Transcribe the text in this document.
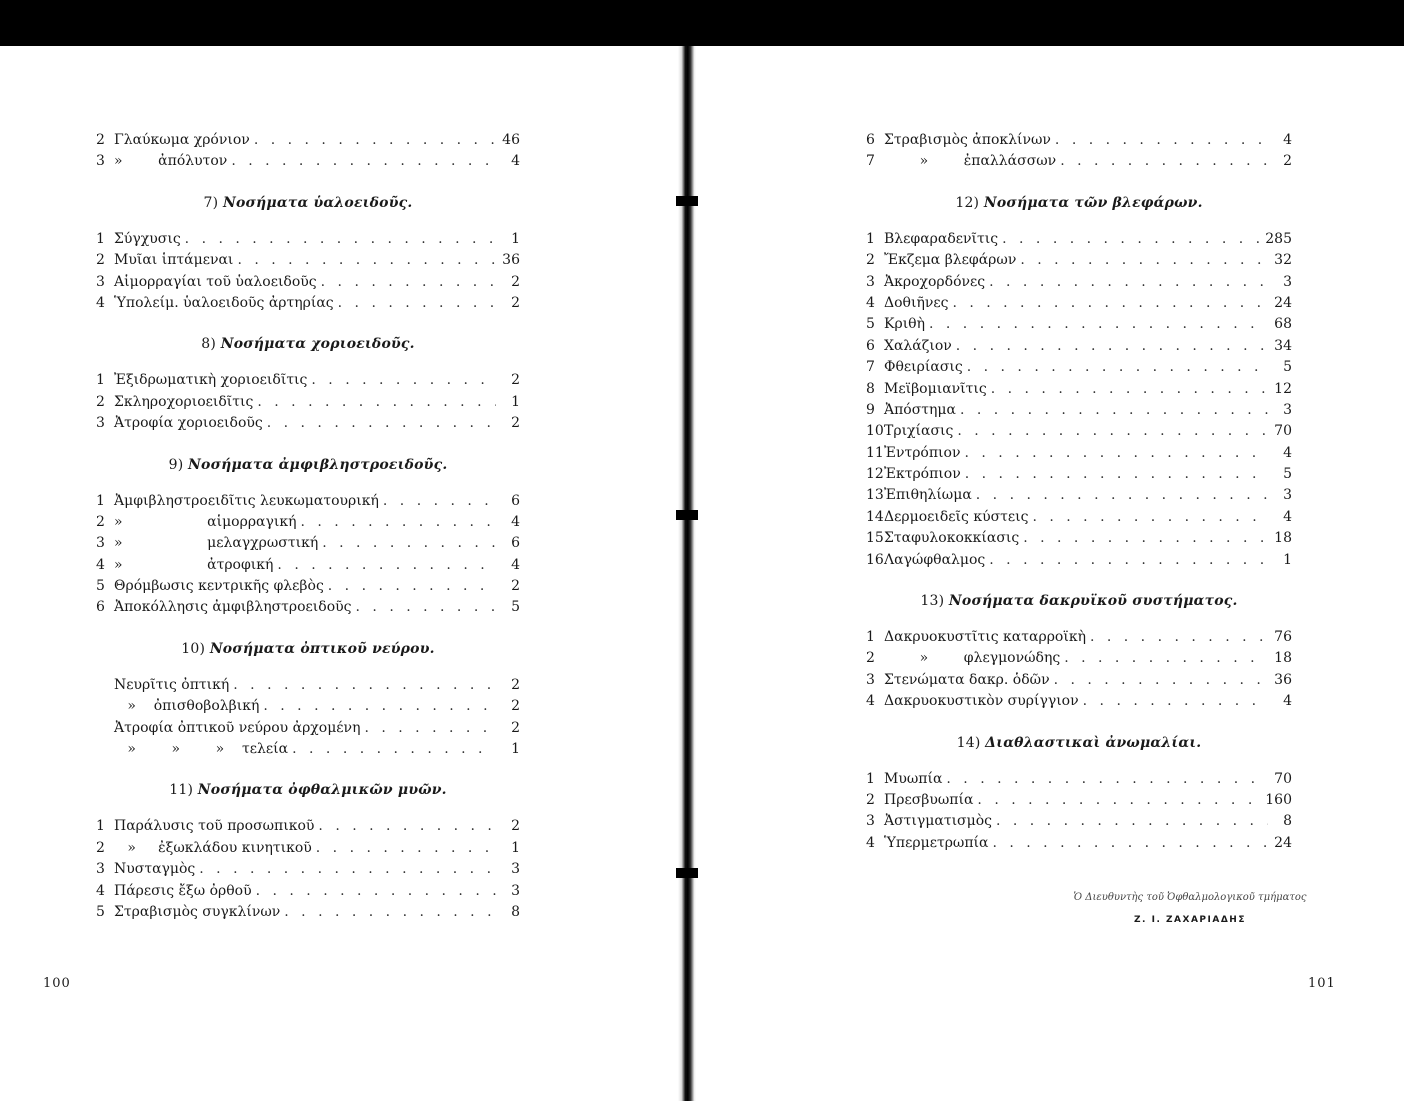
2 Γλαύκωμα χρόνιον . . .	46
3 »        ἀπόλυτον . . .	4
7) Νοσήματα ὑαλοειδοῦς.
1 Σύγχυσις . . .	1
2 Μυῖαι ἱπτάμεναι . . .	36
3 Αἱμορραγίαι τοῦ ὑαλοειδοῦς . . .	2
4 Ὑπολείμ. ὑαλοειδοῦς ἀρτηρίας . . .	2
8) Νοσήματα χοριοειδοῦς.
1 Ἐξιδρωματικὴ χοριοειδῖτις . . .	2
2 Σκληροχοριοειδῖτις . . .	1
3 Ἀτροφία χοριοειδοῦς . . .	2
9) Νοσήματα ἀμφιβληστροειδοῦς.
1 Ἀμφιβληστροειδῖτις λευκωματουρική . . .	6
2 »                   αἱμορραγική . . .	4
3 »                   μελαγχρωστική . . .	6
4 »                   ἀτροφική . . .	4
5 Θρόμβωσις κεντρικῆς φλεβὸς . . .	2
6 Ἀποκόλλησις ἀμφιβληστροειδοῦς . . .	5
10) Νοσήματα ὀπτικοῦ νεύρου.
Νευρῖτις ὀπτική . . .	2
»    ὀπισθοβολβική . . .	2
Ἀτροφία ὀπτικοῦ νεύρου ἀρχομένη . . .	2
»        »        »    τελεία . . .	1
11) Νοσήματα ὀφθαλμικῶν μυῶν.
1 Παράλυσις τοῦ προσωπικοῦ . . .	2
2 »     ἐξωκλάδου κινητικοῦ . . .	1
3 Νυσταγμὸς . . .	3
4 Πάρεσις ἔξω ὀρθοῦ . . .	3
5 Στραβισμὸς συγκλίνων . . .	8
6 Στραβισμὸς ἀποκλίνων . . .	4
7 »        ἐπαλλάσσων . . .	2
12) Νοσήματα τῶν βλεφάρων.
1 Βλεφαραδενῖτις . . .	285
2 Ἔκζεμα βλεφάρων . . .	32
3 Ἀκροχορδόνες . . .	3
4 Δοθιῆνες . . .	24
5 Κριθὴ . . .	68
6 Χαλάζιον . . .	34
7 Φθειρίασις . . .	5
8 Μεϊβομιανῖτις . . .	12
9 Ἀπόστημα . . .	3
10 Τριχίασις . . .	70
11 Ἐντρόπιον . . .	4
12 Ἐκτρόπιον . . .	5
13 Ἐπιθηλίωμα . . .	3
14 Δερμοειδεῖς κύστεις . . .	4
15 Σταφυλοκοκκίασις . . .	18
16 Λαγώφθαλμος . . .	1
13) Νοσήματα δακρυϊκοῦ συστήματος.
1 Δακρυοκυστῖτις καταρροϊκὴ . . .	76
2 »        φλεγμονώδης . . .	18
3 Στενώματα δακρ. ὁδῶν . . .	36
4 Δακρυοκυστικὸν συρίγγιον . . .	4
14) Διαθλαστικαὶ ἀνωμαλίαι.
1 Μυωπία . . .	70
2 Πρεσβυωπία . . .	160
3 Ἀστιγματισμὸς . . .	8
4 Ὑπερμετρωπία . . .	24
Ὁ Διευθυντὴς τοῦ Ὀφθαλμολογικοῦ τμήματος
Ζ. Ι. ΖΑΧΑΡΙΑΔΗΣ
100	101
